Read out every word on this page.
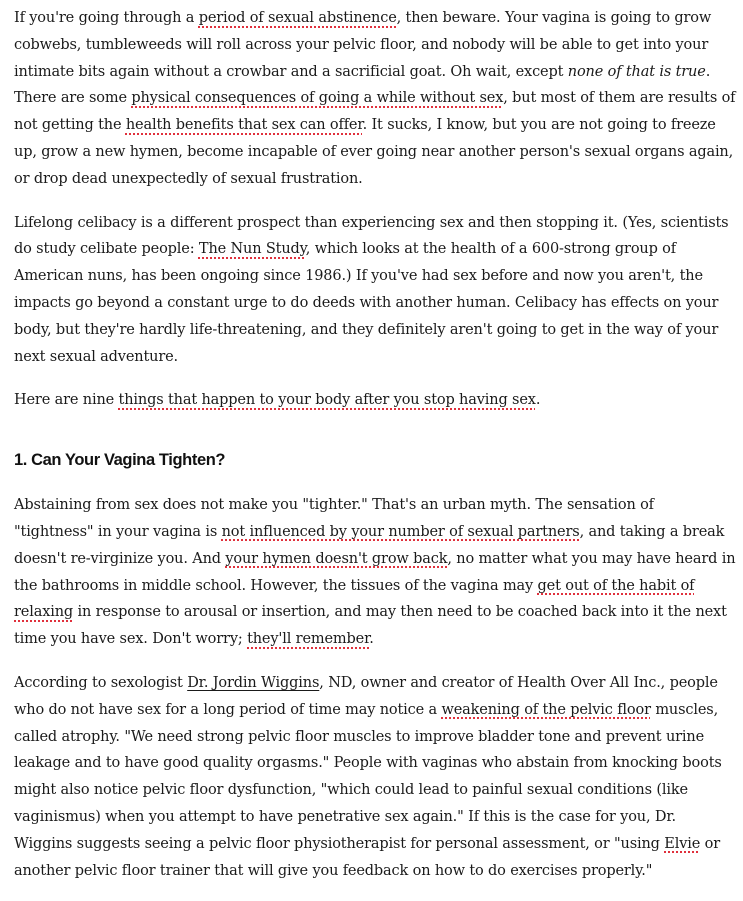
If you're going through a period of sexual abstinence, then beware. Your vagina is going to grow cobwebs, tumbleweeds will roll across your pelvic floor, and nobody will be able to get into your intimate bits again without a crowbar and a sacrificial goat. Oh wait, except none of that is true. There are some physical consequences of going a while without sex, but most of them are results of not getting the health benefits that sex can offer. It sucks, I know, but you are not going to freeze up, grow a new hymen, become incapable of ever going near another person's sexual organs again, or drop dead unexpectedly of sexual frustration.

Lifelong celibacy is a different prospect than experiencing sex and then stopping it. (Yes, scientists do study celibate people: The Nun Study, which looks at the health of a 600-strong group of American nuns, has been ongoing since 1986.) If you've had sex before and now you aren't, the impacts go beyond a constant urge to do deeds with another human. Celibacy has effects on your body, but they're hardly life-threatening, and they definitely aren't going to get in the way of your next sexual adventure.

Here are nine things that happen to your body after you stop having sex.

1. Can Your Vagina Tighten?

Abstaining from sex does not make you "tighter." That's an urban myth. The sensation of "tightness" in your vagina is not influenced by your number of sexual partners, and taking a break doesn't re-virginize you. And your hymen doesn't grow back, no matter what you may have heard in the bathrooms in middle school. However, the tissues of the vagina may get out of the habit of relaxing in response to arousal or insertion, and may then need to be coached back into it the next time you have sex. Don't worry; they'll remember.

According to sexologist Dr. Jordin Wiggins, ND, owner and creator of Health Over All Inc., people who do not have sex for a long period of time may notice a weakening of the pelvic floor muscles, called atrophy. "We need strong pelvic floor muscles to improve bladder tone and prevent urine leakage and to have good quality orgasms." People with vaginas who abstain from knocking boots might also notice pelvic floor dysfunction, "which could lead to painful sexual conditions (like vaginismus) when you attempt to have penetrative sex again." If this is the case for you, Dr. Wiggins suggests seeing a pelvic floor physiotherapist for personal assessment, or "using Elvie or another pelvic floor trainer that will give you feedback on how to do exercises properly."
